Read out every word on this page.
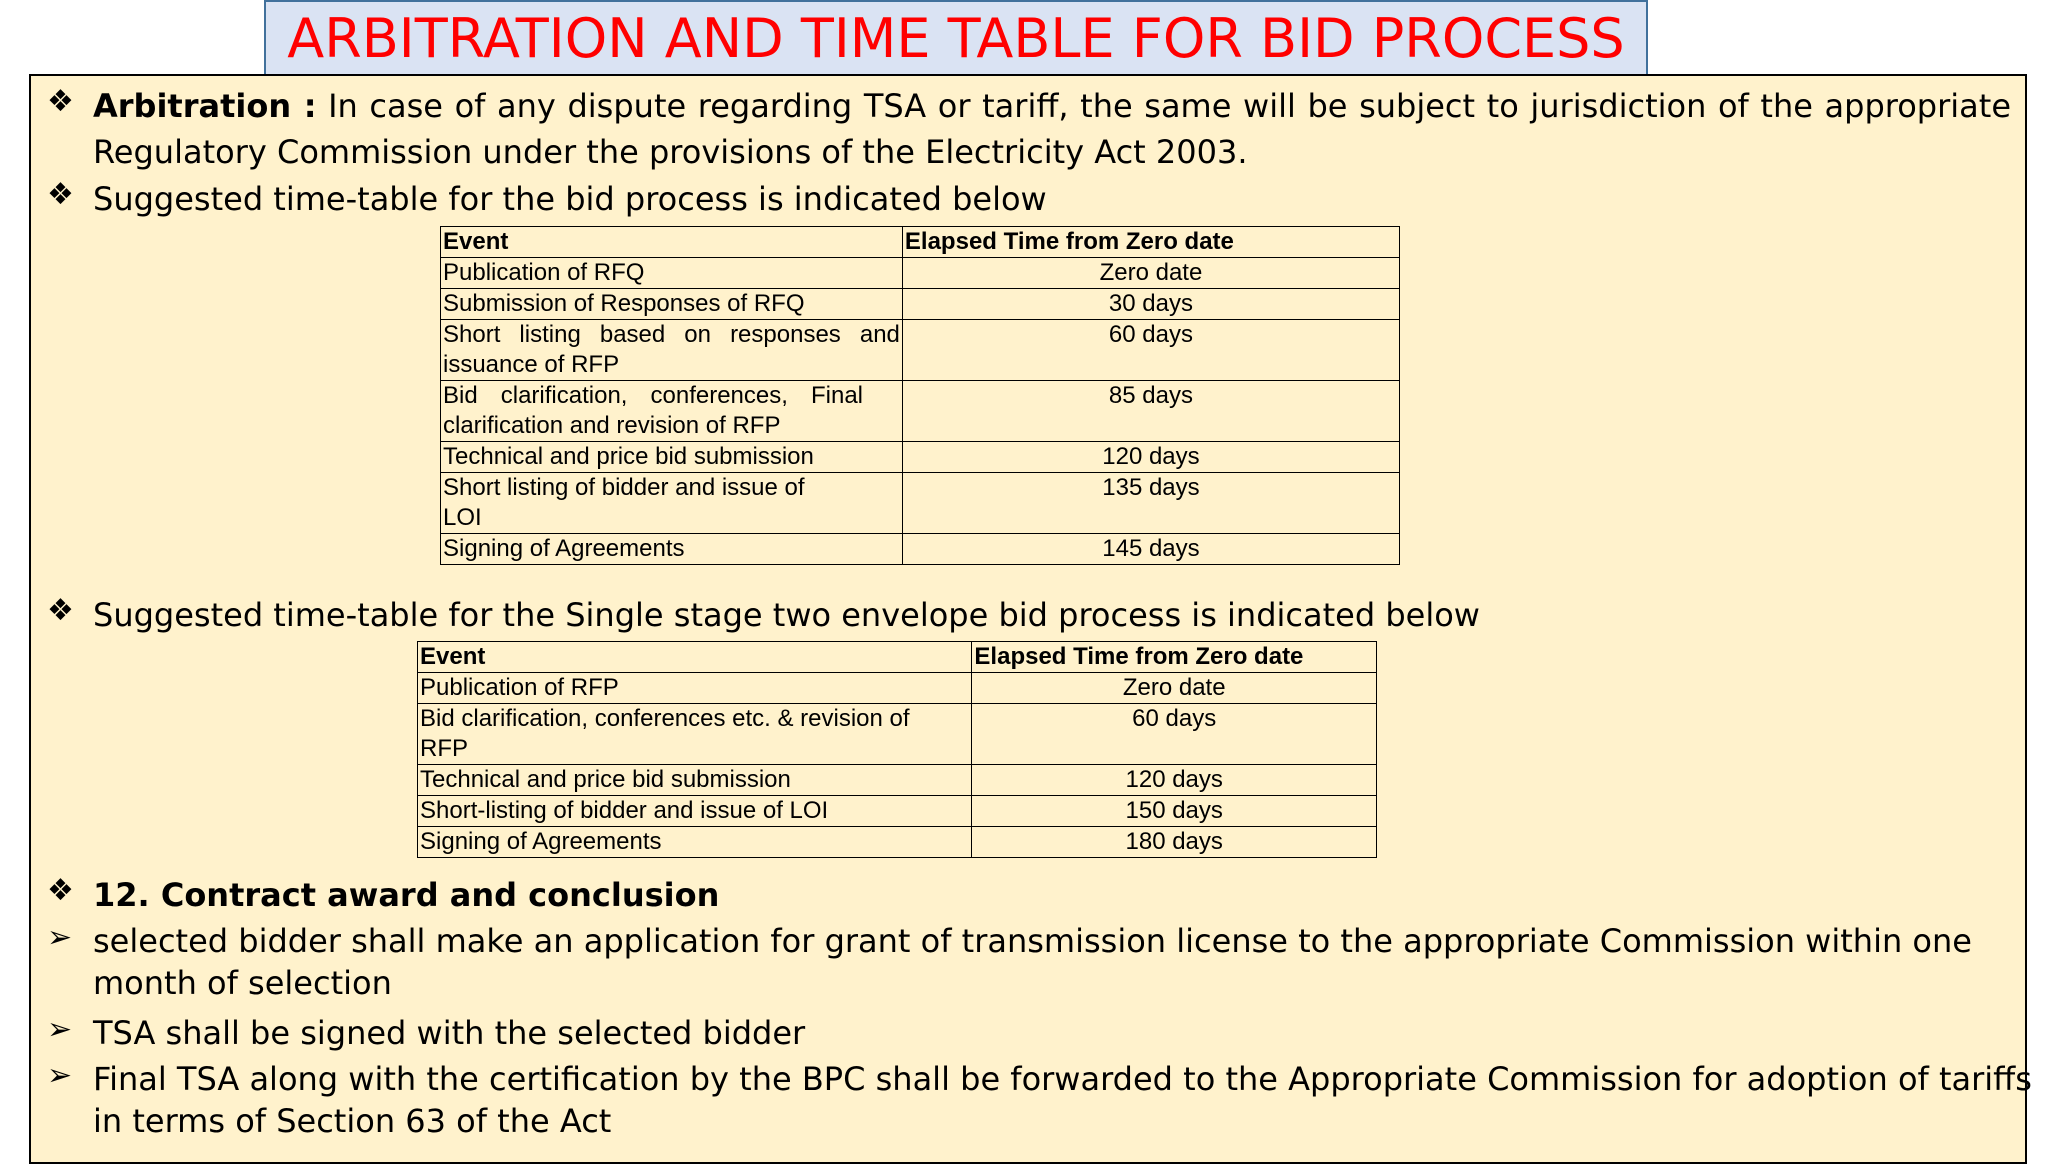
ARBITRATION AND TIME TABLE FOR BID PROCESS
❖ Arbitration : In case of any dispute regarding TSA or tariff, the same will be subject to jurisdiction of the appropriate
Regulatory Commission under the provisions of the Electricity Act 2003.
❖ Suggested time-table for the bid process is indicated below
Event	Elapsed Time from Zero date
Publication of RFQ	Zero date
Submission of Responses of RFQ	30 days

Short listing based on responses and
issuance of RFP	60 days

Bid clarification, conferences, Final
clarification and revision of RFP	85 days
Technical and price bid submission	120 days

Short listing of bidder and issue of
LOI	135 days
Signing of Agreements	145 days
❖ Suggested time-table for the Single stage two envelope bid process is indicated below
Event	Elapsed Time from Zero date
Publication of RFP	Zero date

Bid clarification, conferences etc. & revision of
RFP	60 days
Technical and price bid submission	120 days
Short-listing of bidder and issue of LOI	150 days
Signing of Agreements	180 days
❖ 12. Contract award and conclusion
➢ selected bidder shall make an application for grant of transmission license to the appropriate Commission within one
month of selection
➢ TSA shall be signed with the selected bidder
➢ Final TSA along with the certification by the BPC shall be forwarded to the Appropriate Commission for adoption of tariffs
in terms of Section 63 of the Act
